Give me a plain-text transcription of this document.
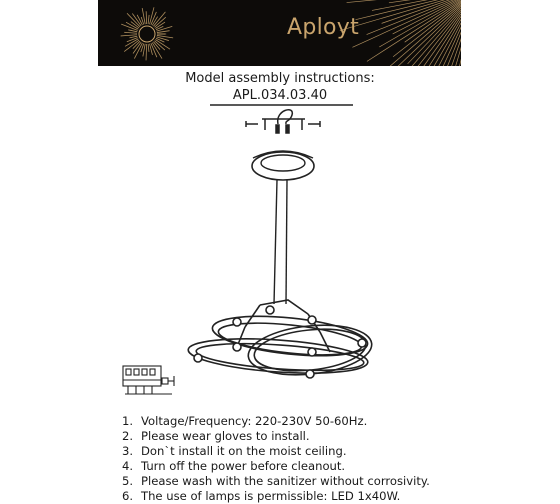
Aployt
Model assembly instructions:
APL.034.03.40
1. Voltage/Frequency: 220-230V 50-60Hz.
2. Please wear gloves to install.
3. Don`t install it on the moist ceiling.
4. Turn off the power before cleanout.
5. Please wash with the sanitizer without corrosivity.
6. The use of lamps is permissible: LED 1x40W.
